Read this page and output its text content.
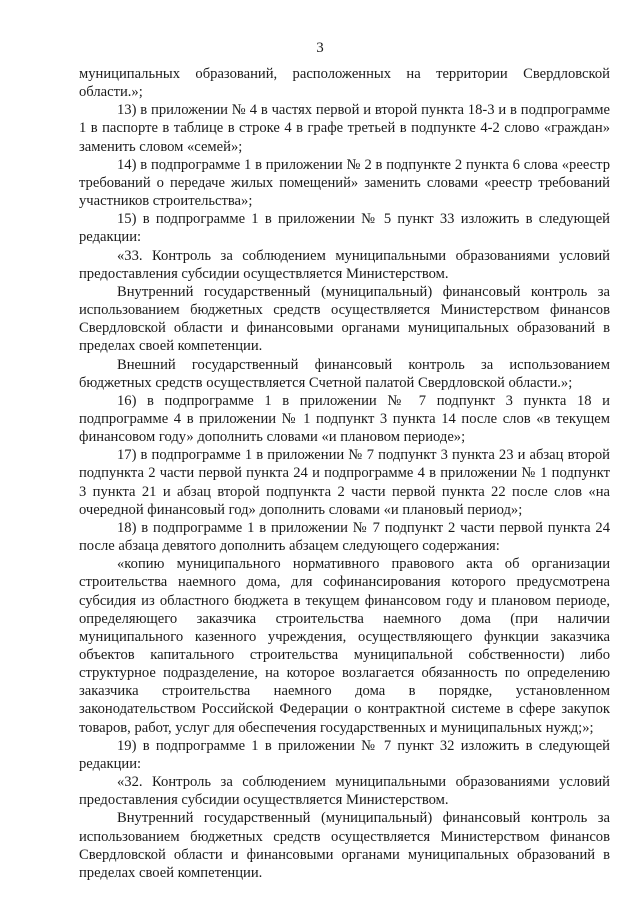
3

муниципальных образований, расположенных на территории Свердловской области.»;

13) в приложении № 4 в частях первой и второй пункта 18-3 и в подпрограмме 1 в паспорте в таблице в строке 4 в графе третьей в подпункте 4-2 слово «граждан» заменить словом «семей»;

14) в подпрограмме 1 в приложении № 2 в подпункте 2 пункта 6 слова «реестр требований о передаче жилых помещений» заменить словами «реестр требований участников строительства»;

15) в подпрограмме 1 в приложении № 5 пункт 33 изложить в следующей редакции:

«33. Контроль за соблюдением муниципальными образованиями условий предоставления субсидии осуществляется Министерством.

Внутренний государственный (муниципальный) финансовый контроль за использованием бюджетных средств осуществляется Министерством финансов Свердловской области и финансовыми органами муниципальных образований в пределах своей компетенции.

Внешний государственный финансовый контроль за использованием бюджетных средств осуществляется Счетной палатой Свердловской области.»;

16) в подпрограмме 1 в приложении № 7 подпункт 3 пункта 18 и подпрограмме 4 в приложении № 1 подпункт 3 пункта 14 после слов «в текущем финансовом году» дополнить словами «и плановом периоде»;

17) в подпрограмме 1 в приложении № 7 подпункт 3 пункта 23 и абзац второй подпункта 2 части первой пункта 24 и подпрограмме 4 в приложении № 1 подпункт 3 пункта 21 и абзац второй подпункта 2 части первой пункта 22 после слов «на очередной финансовый год» дополнить словами «и плановый период»;

18) в подпрограмме 1 в приложении № 7 подпункт 2 части первой пункта 24 после абзаца девятого дополнить абзацем следующего содержания:

«копию муниципального нормативного правового акта об организации строительства наемного дома, для софинансирования которого предусмотрена субсидия из областного бюджета в текущем финансовом году и плановом периоде, определяющего заказчика строительства наемного дома (при наличии муниципального казенного учреждения, осуществляющего функции заказчика объектов капитального строительства муниципальной собственности) либо структурное подразделение, на которое возлагается обязанность по определению заказчика строительства наемного дома в порядке, установленном законодательством Российской Федерации о контрактной системе в сфере закупок товаров, работ, услуг для обеспечения государственных и муниципальных нужд;»;

19) в подпрограмме 1 в приложении № 7 пункт 32 изложить в следующей редакции:

«32. Контроль за соблюдением муниципальными образованиями условий предоставления субсидии осуществляется Министерством.

Внутренний государственный (муниципальный) финансовый контроль за использованием бюджетных средств осуществляется Министерством финансов Свердловской области и финансовыми органами муниципальных образований в пределах своей компетенции.
